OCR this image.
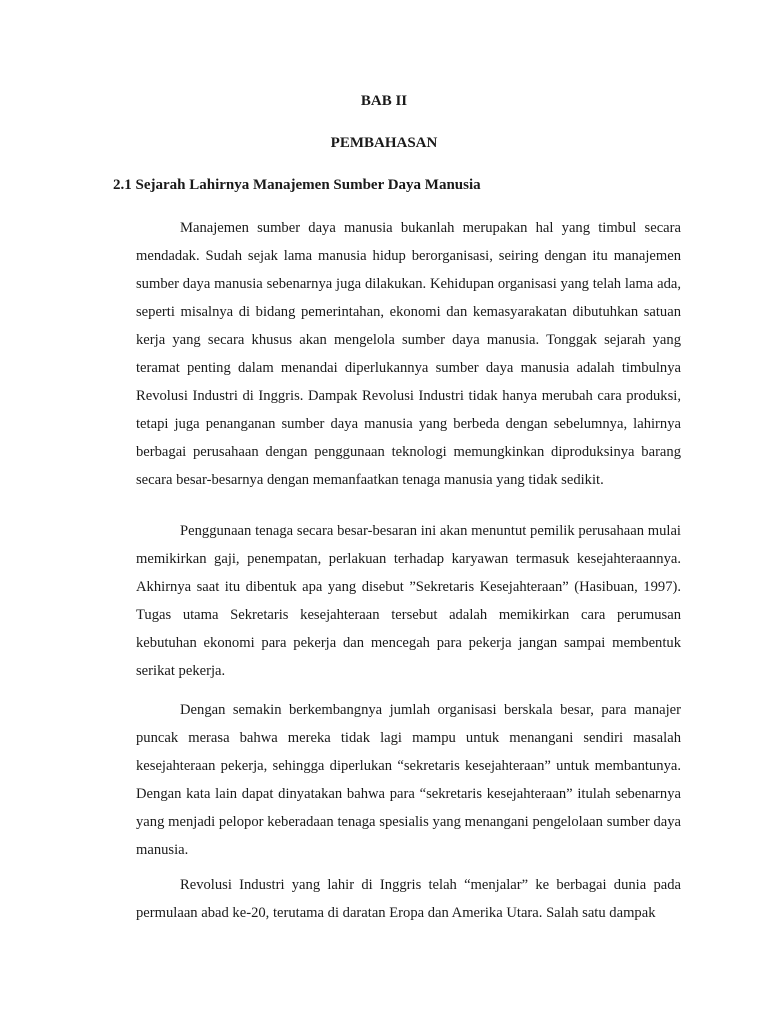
BAB II
PEMBAHASAN
2.1 Sejarah Lahirnya Manajemen Sumber Daya Manusia

Manajemen sumber daya manusia bukanlah merupakan hal yang timbul secara mendadak. Sudah sejak lama manusia hidup berorganisasi, seiring dengan itu manajemen sumber daya manusia sebenarnya juga dilakukan. Kehidupan organisasi yang telah lama ada, seperti misalnya di bidang pemerintahan, ekonomi dan kemasyarakatan dibutuhkan satuan kerja yang secara khusus akan mengelola sumber daya manusia. Tonggak sejarah yang teramat penting dalam menandai diperlukannya sumber daya manusia adalah timbulnya Revolusi Industri di Inggris. Dampak Revolusi Industri tidak hanya merubah cara produksi, tetapi juga penanganan sumber daya manusia yang berbeda dengan sebelumnya, lahirnya berbagai perusahaan dengan penggunaan teknologi memungkinkan diproduksinya barang secara besar-besarnya dengan memanfaatkan tenaga manusia yang tidak sedikit.

Penggunaan tenaga secara besar-besaran ini akan menuntut pemilik perusahaan mulai memikirkan gaji, penempatan, perlakuan terhadap karyawan termasuk kesejahteraannya. Akhirnya saat itu dibentuk apa yang disebut ”Sekretaris Kesejahteraan” (Hasibuan, 1997). Tugas utama Sekretaris kesejahteraan tersebut adalah memikirkan cara perumusan kebutuhan ekonomi para pekerja dan mencegah para pekerja jangan sampai membentuk serikat pekerja.

Dengan semakin berkembangnya jumlah organisasi berskala besar, para manajer puncak merasa bahwa mereka tidak lagi mampu untuk menangani sendiri masalah kesejahteraan pekerja, sehingga diperlukan “sekretaris kesejahteraan” untuk membantunya. Dengan kata lain dapat dinyatakan bahwa para “sekretaris kesejahteraan” itulah sebenarnya yang menjadi pelopor keberadaan tenaga spesialis yang menangani pengelolaan sumber daya manusia.

Revolusi Industri yang lahir di Inggris telah “menjalar” ke berbagai dunia pada permulaan abad ke-20, terutama di daratan Eropa dan Amerika Utara. Salah satu dampak
